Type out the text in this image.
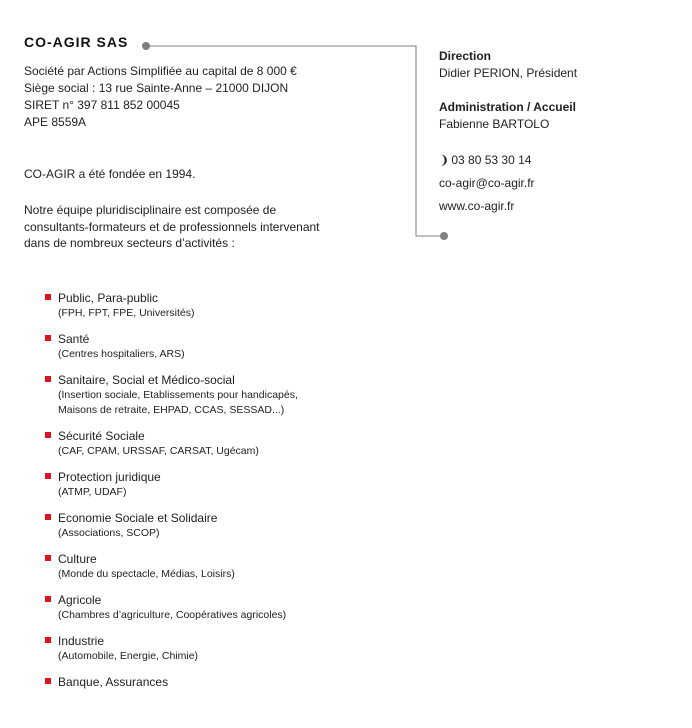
CO-AGIR SAS
Société par Actions Simplifiée au capital de 8 000 €
Siège social : 13 rue Sainte-Anne – 21000 DIJON
SIRET n° 397 811 852 00045
APE 8559A
CO-AGIR a été fondée en 1994.
Notre équipe pluridisciplinaire est composée de consultants-formateurs et de professionnels intervenant dans de nombreux secteurs d’activités :
Public, Para-public
(FPH, FPT, FPE, Universités)
Santé
(Centres hospitaliers, ARS)
Sanitaire, Social et Médico-social
(Insertion sociale, Etablissements pour handicapés,
Maisons de retraite, EHPAD, CCAS, SESSAD...)
Sécurité Sociale
(CAF, CPAM, URSSAF, CARSAT, Ugécam)
Protection juridique
(ATMP, UDAF)
Economie Sociale et Solidaire
(Associations, SCOP)
Culture
(Monde du spectacle, Médias, Loisirs)
Agricole
(Chambres d’agriculture, Coopératives agricoles)
Industrie
(Automobile, Energie, Chimie)
Banque, Assurances
Direction
Didier PERION, Président
Administration / Accueil
Fabienne BARTOLO
❩ 03 80 53 30 14
co-agir@co-agir.fr
www.co-agir.fr
